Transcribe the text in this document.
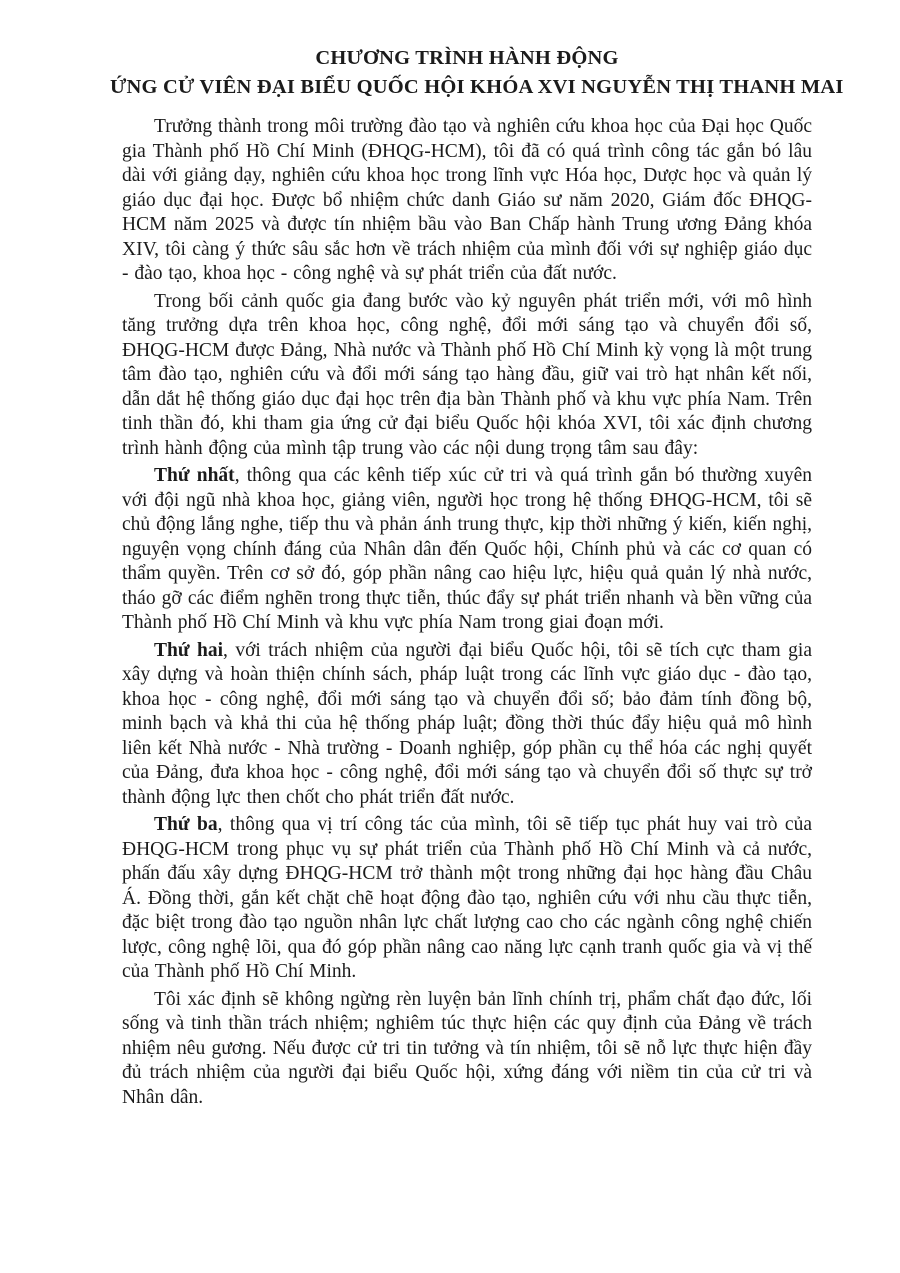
CHƯƠNG TRÌNH HÀNH ĐỘNG
ỨNG CỬ VIÊN ĐẠI BIỂU QUỐC HỘI KHÓA XVI NGUYỄN THỊ THANH MAI

Trưởng thành trong môi trường đào tạo và nghiên cứu khoa học của Đại học Quốc gia Thành phố Hồ Chí Minh (ĐHQG-HCM), tôi đã có quá trình công tác gắn bó lâu dài với giảng dạy, nghiên cứu khoa học trong lĩnh vực Hóa học, Dược học và quản lý giáo dục đại học. Được bổ nhiệm chức danh Giáo sư năm 2020, Giám đốc ĐHQG-HCM năm 2025 và được tín nhiệm bầu vào Ban Chấp hành Trung ương Đảng khóa XIV, tôi càng ý thức sâu sắc hơn về trách nhiệm của mình đối với sự nghiệp giáo dục - đào tạo, khoa học - công nghệ và sự phát triển của đất nước.

Trong bối cảnh quốc gia đang bước vào kỷ nguyên phát triển mới, với mô hình tăng trưởng dựa trên khoa học, công nghệ, đổi mới sáng tạo và chuyển đổi số, ĐHQG-HCM được Đảng, Nhà nước và Thành phố Hồ Chí Minh kỳ vọng là một trung tâm đào tạo, nghiên cứu và đổi mới sáng tạo hàng đầu, giữ vai trò hạt nhân kết nối, dẫn dắt hệ thống giáo dục đại học trên địa bàn Thành phố và khu vực phía Nam. Trên tinh thần đó, khi tham gia ứng cử đại biểu Quốc hội khóa XVI, tôi xác định chương trình hành động của mình tập trung vào các nội dung trọng tâm sau đây:

Thứ nhất, thông qua các kênh tiếp xúc cử tri và quá trình gắn bó thường xuyên với đội ngũ nhà khoa học, giảng viên, người học trong hệ thống ĐHQG-HCM, tôi sẽ chủ động lắng nghe, tiếp thu và phản ánh trung thực, kịp thời những ý kiến, kiến nghị, nguyện vọng chính đáng của Nhân dân đến Quốc hội, Chính phủ và các cơ quan có thẩm quyền. Trên cơ sở đó, góp phần nâng cao hiệu lực, hiệu quả quản lý nhà nước, tháo gỡ các điểm nghẽn trong thực tiễn, thúc đẩy sự phát triển nhanh và bền vững của Thành phố Hồ Chí Minh và khu vực phía Nam trong giai đoạn mới.

Thứ hai, với trách nhiệm của người đại biểu Quốc hội, tôi sẽ tích cực tham gia xây dựng và hoàn thiện chính sách, pháp luật trong các lĩnh vực giáo dục - đào tạo, khoa học - công nghệ, đổi mới sáng tạo và chuyển đổi số; bảo đảm tính đồng bộ, minh bạch và khả thi của hệ thống pháp luật; đồng thời thúc đẩy hiệu quả mô hình liên kết Nhà nước - Nhà trường - Doanh nghiệp, góp phần cụ thể hóa các nghị quyết của Đảng, đưa khoa học - công nghệ, đổi mới sáng tạo và chuyển đổi số thực sự trở thành động lực then chốt cho phát triển đất nước.

Thứ ba, thông qua vị trí công tác của mình, tôi sẽ tiếp tục phát huy vai trò của ĐHQG-HCM trong phục vụ sự phát triển của Thành phố Hồ Chí Minh và cả nước, phấn đấu xây dựng ĐHQG-HCM trở thành một trong những đại học hàng đầu Châu Á. Đồng thời, gắn kết chặt chẽ hoạt động đào tạo, nghiên cứu với nhu cầu thực tiễn, đặc biệt trong đào tạo nguồn nhân lực chất lượng cao cho các ngành công nghệ chiến lược, công nghệ lõi, qua đó góp phần nâng cao năng lực cạnh tranh quốc gia và vị thế của Thành phố Hồ Chí Minh.

Tôi xác định sẽ không ngừng rèn luyện bản lĩnh chính trị, phẩm chất đạo đức, lối sống và tinh thần trách nhiệm; nghiêm túc thực hiện các quy định của Đảng về trách nhiệm nêu gương. Nếu được cử tri tin tưởng và tín nhiệm, tôi sẽ nỗ lực thực hiện đầy đủ trách nhiệm của người đại biểu Quốc hội, xứng đáng với niềm tin của cử tri và Nhân dân.
